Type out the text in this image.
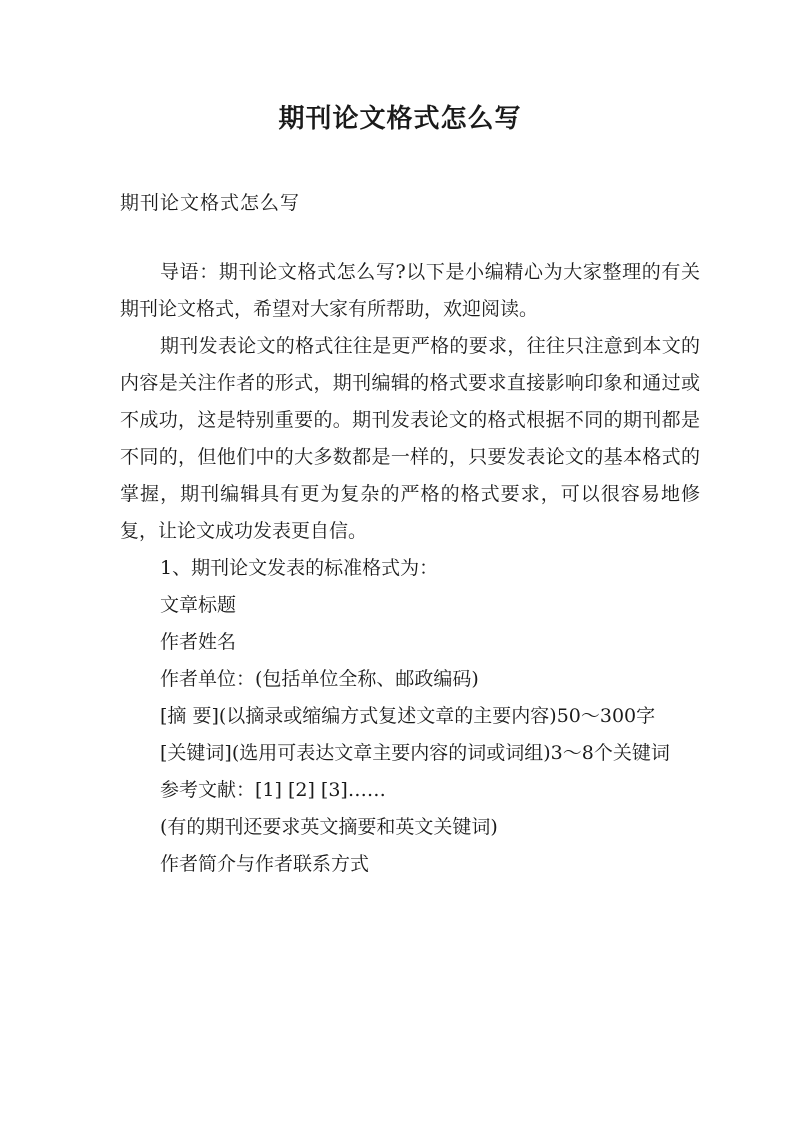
期刊论文格式怎么写
期刊论文格式怎么写

导语：期刊论文格式怎么写?以下是小编精心为大家整理的有关期刊论文格式，希望对大家有所帮助，欢迎阅读。

期刊发表论文的格式往往是更严格的要求，往往只注意到本文的内容是关注作者的形式，期刊编辑的格式要求直接影响印象和通过或不成功，这是特别重要的。期刊发表论文的格式根据不同的期刊都是不同的，但他们中的大多数都是一样的，只要发表论文的基本格式的掌握，期刊编辑具有更为复杂的严格的格式要求，可以很容易地修复，让论文成功发表更自信。

1、期刊论文发表的标准格式为：

文章标题

作者姓名

作者单位：(包括单位全称、邮政编码)

[摘 要](以摘录或缩编方式复述文章的主要内容)50～300字

[关键词](选用可表达文章主要内容的词或词组)3～8个关键词

参考文献：[1] [2] [3]……

(有的期刊还要求英文摘要和英文关键词)

作者简介与作者联系方式
